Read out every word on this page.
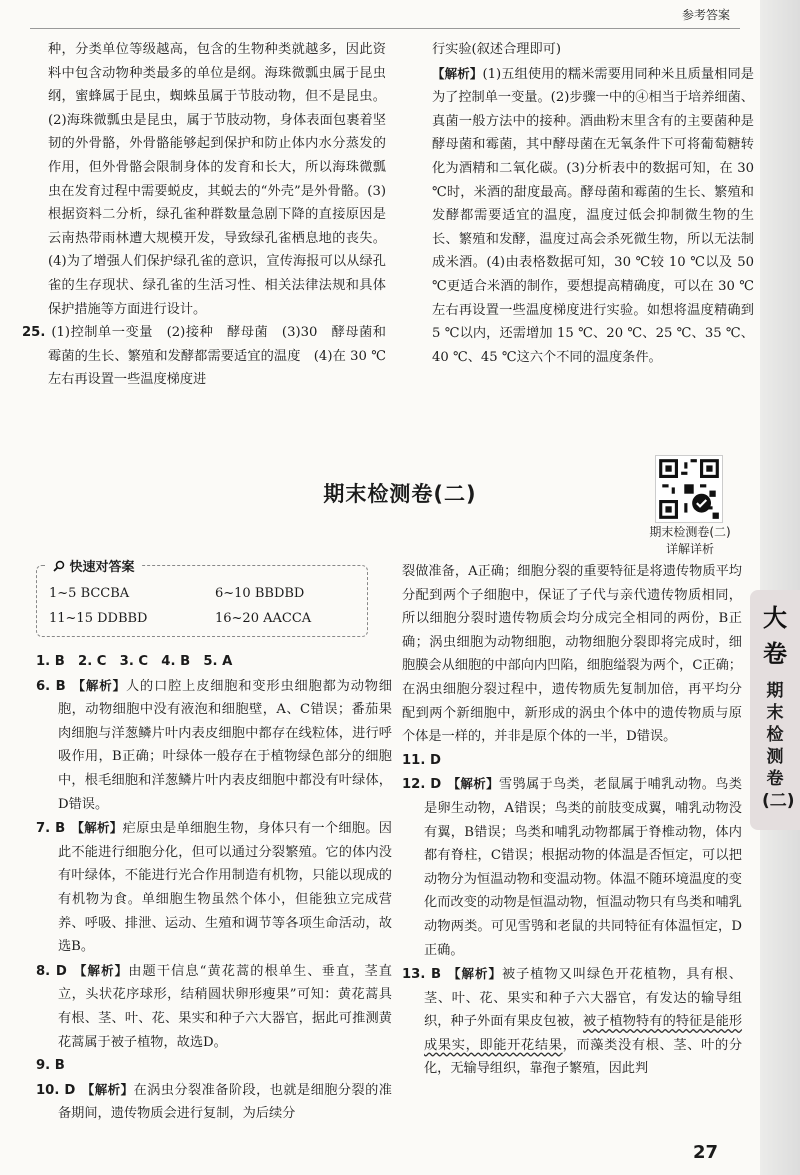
参考答案

种，分类单位等级越高，包含的生物种类就越多，因此资料中包含动物种类最多的单位是纲。海珠微瓢虫属于昆虫纲，蜜蜂属于昆虫，蜘蛛虽属于节肢动物，但不是昆虫。(2)海珠微瓢虫是昆虫，属于节肢动物，身体表面包裹着坚韧的外骨骼，外骨骼能够起到保护和防止体内水分蒸发的作用，但外骨骼会限制身体的发育和长大，所以海珠微瓢虫在发育过程中需要蜕皮，其蜕去的“外壳”是外骨骼。(3)根据资料二分析，绿孔雀种群数量急剧下降的直接原因是云南热带雨林遭大规模开发，导致绿孔雀栖息地的丧失。(4)为了增强人们保护绿孔雀的意识，宣传海报可以从绿孔雀的生存现状、绿孔雀的生活习性、相关法律法规和具体保护措施等方面进行设计。

25. (1)控制单一变量　(2)接种　酵母菌　(3)30　酵母菌和霉菌的生长、繁殖和发酵都需要适宜的温度　(4)在 30 ℃左右再设置一些温度梯度进

行实验(叙述合理即可)

【解析】(1)五组使用的糯米需要用同种米且质量相同是为了控制单一变量。(2)步骤一中的④相当于培养细菌、真菌一般方法中的接种。酒曲粉末里含有的主要菌种是酵母菌和霉菌，其中酵母菌在无氧条件下可将葡萄糖转化为酒精和二氧化碳。(3)分析表中的数据可知，在 30 ℃时，米酒的甜度最高。酵母菌和霉菌的生长、繁殖和发酵都需要适宜的温度，温度过低会抑制微生物的生长、繁殖和发酵，温度过高会杀死微生物，所以无法制成米酒。(4)由表格数据可知，30 ℃较 10 ℃以及 50 ℃更适合米酒的制作，要想提高精确度，可以在 30 ℃左右再设置一些温度梯度进行实验。如想将温度精确到 5 ℃以内，还需增加 15 ℃、20 ℃、25 ℃、35 ℃、40 ℃、45 ℃这六个不同的温度条件。

期末检测卷(二)
期末检测卷(二)
详解详析
快速对答案
1~5 BCCBA	6~10 BBDBD
11~15 DDBBD	16~20 AACCA

1. B　2. C　3. C　4. B　5. A

6. B 【解析】人的口腔上皮细胞和变形虫细胞都为动物细胞，动物细胞中没有液泡和细胞壁，A、C错误；番茄果肉细胞与洋葱鳞片叶内表皮细胞中都存在线粒体，进行呼吸作用，B正确；叶绿体一般存在于植物绿色部分的细胞中，根毛细胞和洋葱鳞片叶内表皮细胞中都没有叶绿体，D错误。

7. B 【解析】疟原虫是单细胞生物，身体只有一个细胞。因此不能进行细胞分化，但可以通过分裂繁殖。它的体内没有叶绿体，不能进行光合作用制造有机物，只能以现成的有机物为食。单细胞生物虽然个体小，但能独立完成营养、呼吸、排泄、运动、生殖和调节等各项生命活动，故选B。

8. D 【解析】由题干信息“黄花蒿的根单生、垂直，茎直立，头状花序球形，结稍圆状卵形瘦果”可知：黄花蒿具有根、茎、叶、花、果实和种子六大器官，据此可推测黄花蒿属于被子植物，故选D。

9. B

10. D 【解析】在涡虫分裂准备阶段，也就是细胞分裂的准备期间，遗传物质会进行复制，为后续分

裂做准备，A正确；细胞分裂的重要特征是将遗传物质平均分配到两个子细胞中，保证了子代与亲代遗传物质相同，所以细胞分裂时遗传物质会均分成完全相同的两份，B正确；涡虫细胞为动物细胞，动物细胞分裂即将完成时，细胞膜会从细胞的中部向内凹陷，细胞缢裂为两个，C正确；在涡虫细胞分裂过程中，遗传物质先复制加倍，再平均分配到两个新细胞中，新形成的涡虫个体中的遗传物质与原个体是一样的，并非是原个体的一半，D错误。

11. D

12. D 【解析】雪鸮属于鸟类，老鼠属于哺乳动物。鸟类是卵生动物，A错误；鸟类的前肢变成翼，哺乳动物没有翼，B错误；鸟类和哺乳动物都属于脊椎动物，体内都有脊柱，C错误；根据动物的体温是否恒定，可以把动物分为恒温动物和变温动物。体温不随环境温度的变化而改变的动物是恒温动物，恒温动物只有鸟类和哺乳动物两类。可见雪鸮和老鼠的共同特征有体温恒定，D正确。

13. B 【解析】被子植物又叫绿色开花植物，具有根、茎、叶、花、果实和种子六大器官，有发达的输导组织，种子外面有果皮包被，被子植物特有的特征是能形成果实，即能开花结果，而藻类没有根、茎、叶的分化，无输导组织，靠孢子繁殖，因此判

大
卷
期末检测卷(二)
27
